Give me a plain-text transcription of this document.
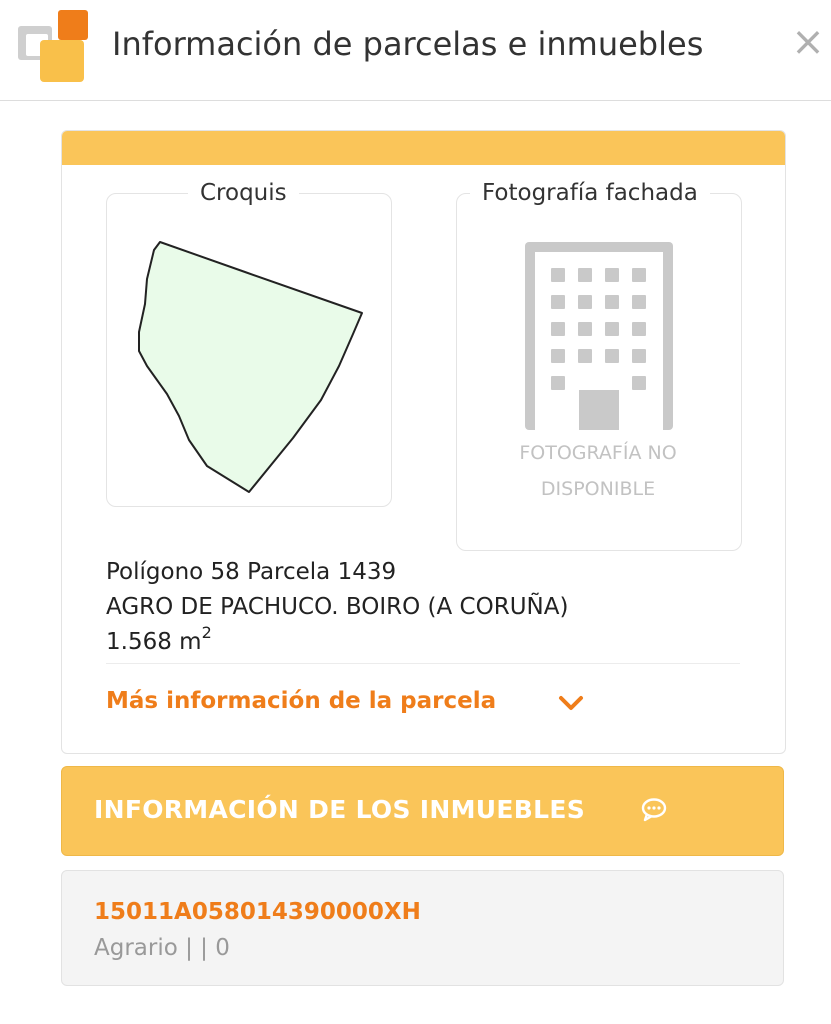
Información de parcelas e inmuebles ×
Croquis	Fotografía fachada
FOTOGRAFÍA NO
DISPONIBLE
Polígono 58 Parcela 1439
AGRO DE PACHUCO. BOIRO (A CORUÑA)
1.568 $m^2$
Más información de la parcela
INFORMACIÓN DE LOS INMUEBLES
15011A058014390000XH
Agrario | | 0
